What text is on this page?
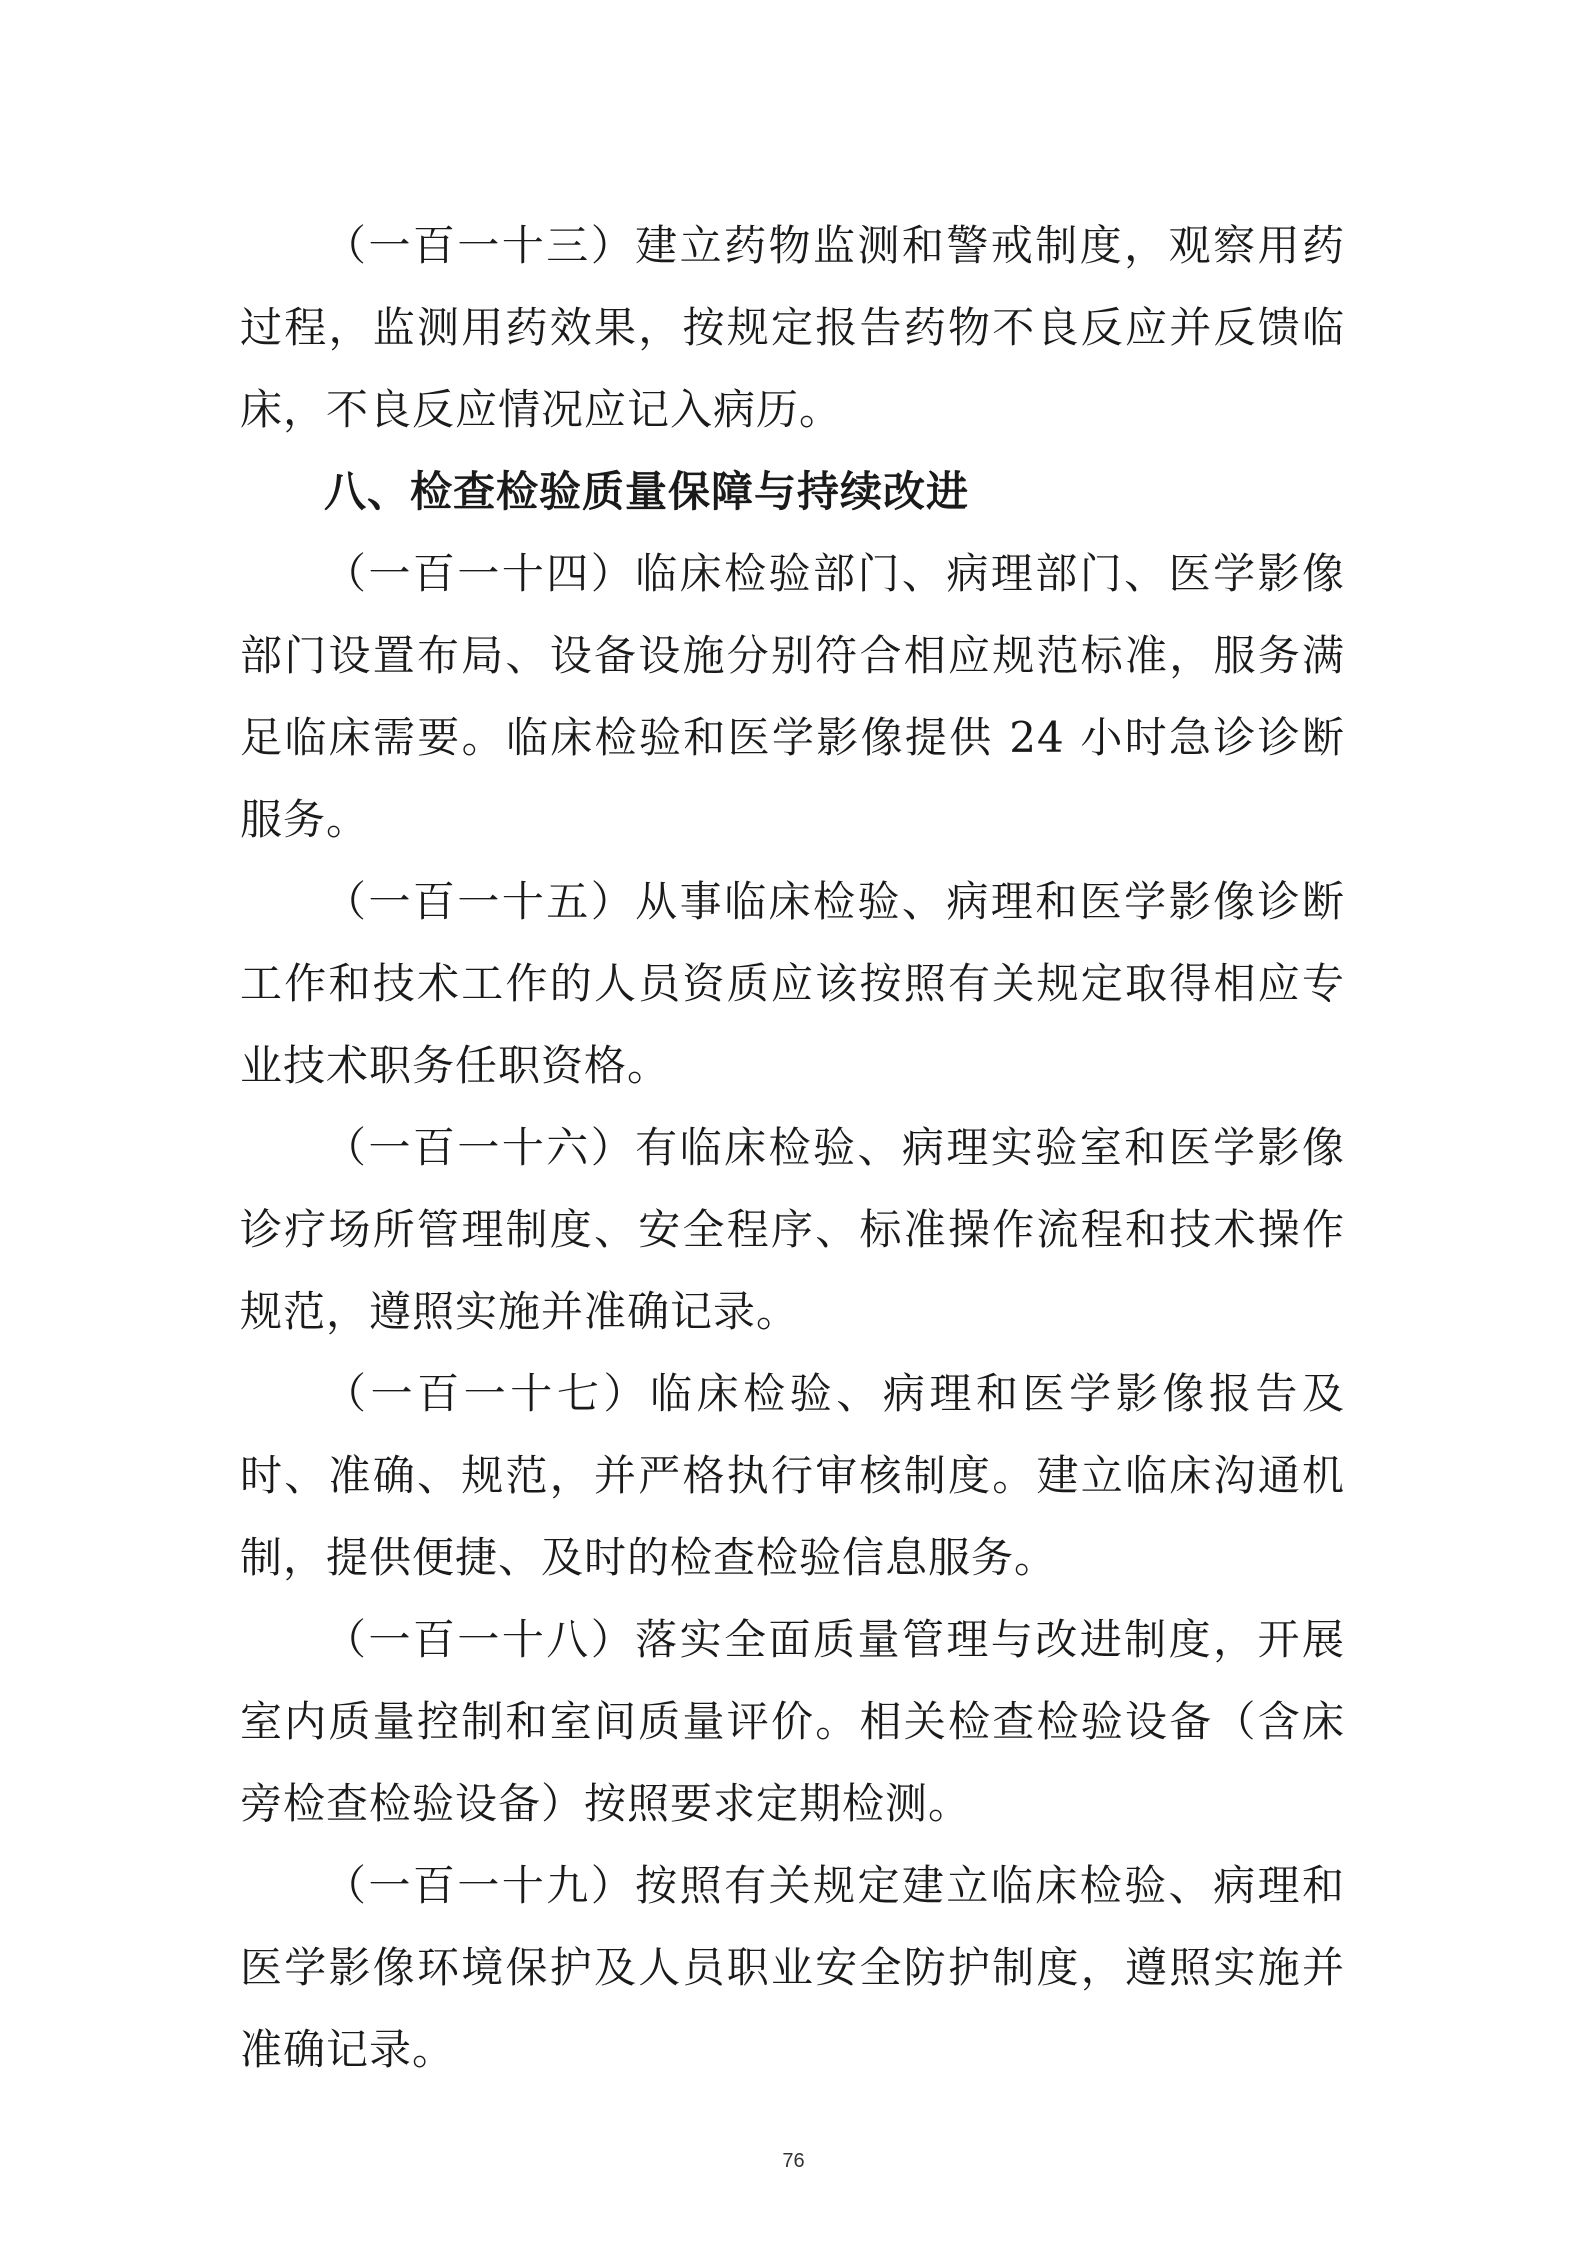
（一百一十三）建立药物监测和警戒制度，观察用药过程，监测用药效果，按规定报告药物不良反应并反馈临床，不良反应情况应记入病历。

八、检查检验质量保障与持续改进

（一百一十四）临床检验部门、病理部门、医学影像部门设置布局、设备设施分别符合相应规范标准，服务满足临床需要。临床检验和医学影像提供 24 小时急诊诊断服务。

（一百一十五）从事临床检验、病理和医学影像诊断工作和技术工作的人员资质应该按照有关规定取得相应专业技术职务任职资格。

（一百一十六）有临床检验、病理实验室和医学影像诊疗场所管理制度、安全程序、标准操作流程和技术操作规范，遵照实施并准确记录。

（一百一十七）临床检验、病理和医学影像报告及时、准确、规范，并严格执行审核制度。建立临床沟通机制，提供便捷、及时的检查检验信息服务。

（一百一十八）落实全面质量管理与改进制度，开展室内质量控制和室间质量评价。相关检查检验设备（含床旁检查检验设备）按照要求定期检测。

（一百一十九）按照有关规定建立临床检验、病理和医学影像环境保护及人员职业安全防护制度，遵照实施并准确记录。

76
